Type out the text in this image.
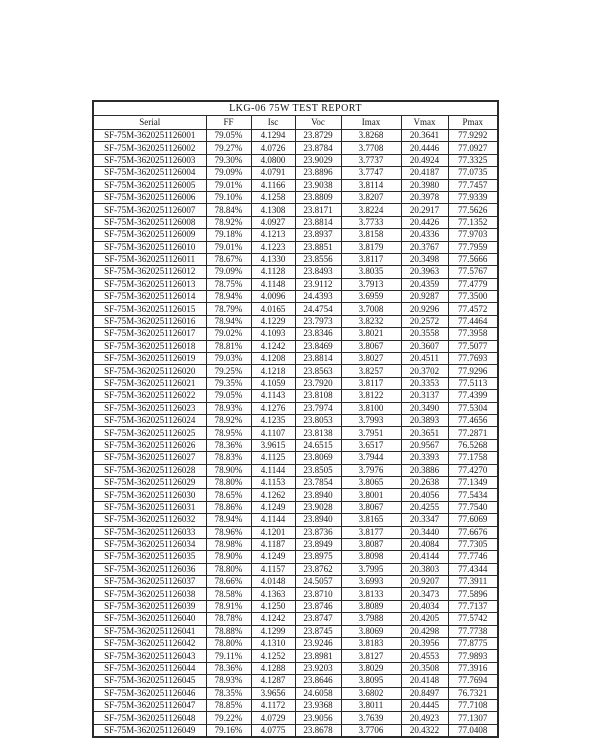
LKG-06 75W TEST REPORT						
Serial	FF	Isc	Voc	Imax	Vmax	Pmax
SF-75M-3620251126001	79.05%	4.1294	23.8729	3.8268	20.3641	77.9292
SF-75M-3620251126002	79.27%	4.0726	23.8784	3.7708	20.4446	77.0927
SF-75M-3620251126003	79.30%	4.0800	23.9029	3.7737	20.4924	77.3325
SF-75M-3620251126004	79.09%	4.0791	23.8896	3.7747	20.4187	77.0735
SF-75M-3620251126005	79.01%	4.1166	23.9038	3.8114	20.3980	77.7457
SF-75M-3620251126006	79.10%	4.1258	23.8809	3.8207	20.3978	77.9339
SF-75M-3620251126007	78.84%	4.1308	23.8171	3.8224	20.2917	77.5626
SF-75M-3620251126008	78.92%	4.0927	23.8814	3.7733	20.4426	77.1352
SF-75M-3620251126009	79.18%	4.1213	23.8937	3.8158	20.4336	77.9703
SF-75M-3620251126010	79.01%	4.1223	23.8851	3.8179	20.3767	77.7959
SF-75M-3620251126011	78.67%	4.1330	23.8556	3.8117	20.3498	77.5666
SF-75M-3620251126012	79.09%	4.1128	23.8493	3.8035	20.3963	77.5767
SF-75M-3620251126013	78.75%	4.1148	23.9112	3.7913	20.4359	77.4779
SF-75M-3620251126014	78.94%	4.0096	24.4393	3.6959	20.9287	77.3500
SF-75M-3620251126015	78.79%	4.0165	24.4754	3.7008	20.9296	77.4572
SF-75M-3620251126016	78.94%	4.1229	23.7973	3.8232	20.2572	77.4464
SF-75M-3620251126017	79.02%	4.1093	23.8346	3.8021	20.3558	77.3958
SF-75M-3620251126018	78.81%	4.1242	23.8469	3.8067	20.3607	77.5077
SF-75M-3620251126019	79.03%	4.1208	23.8814	3.8027	20.4511	77.7693
SF-75M-3620251126020	79.25%	4.1218	23.8563	3.8257	20.3702	77.9296
SF-75M-3620251126021	79.35%	4.1059	23.7920	3.8117	20.3353	77.5113
SF-75M-3620251126022	79.05%	4.1143	23.8108	3.8122	20.3137	77.4399
SF-75M-3620251126023	78.93%	4.1276	23.7974	3.8100	20.3490	77.5304
SF-75M-3620251126024	78.92%	4.1235	23.8053	3.7993	20.3893	77.4656
SF-75M-3620251126025	78.95%	4.1107	23.8138	3.7951	20.3651	77.2871
SF-75M-3620251126026	78.36%	3.9615	24.6515	3.6517	20.9567	76.5268
SF-75M-3620251126027	78.83%	4.1125	23.8069	3.7944	20.3393	77.1758
SF-75M-3620251126028	78.90%	4.1144	23.8505	3.7976	20.3886	77.4270
SF-75M-3620251126029	78.80%	4.1153	23.7854	3.8065	20.2638	77.1349
SF-75M-3620251126030	78.65%	4.1262	23.8940	3.8001	20.4056	77.5434
SF-75M-3620251126031	78.86%	4.1249	23.9028	3.8067	20.4255	77.7540
SF-75M-3620251126032	78.94%	4.1144	23.8940	3.8165	20.3347	77.6069
SF-75M-3620251126033	78.96%	4.1201	23.8736	3.8177	20.3440	77.6676
SF-75M-3620251126034	78.98%	4.1187	23.8949	3.8087	20.4084	77.7305
SF-75M-3620251126035	78.90%	4.1249	23.8975	3.8098	20.4144	77.7746
SF-75M-3620251126036	78.80%	4.1157	23.8762	3.7995	20.3803	77.4344
SF-75M-3620251126037	78.66%	4.0148	24.5057	3.6993	20.9207	77.3911
SF-75M-3620251126038	78.58%	4.1363	23.8710	3.8133	20.3473	77.5896
SF-75M-3620251126039	78.91%	4.1250	23.8746	3.8089	20.4034	77.7137
SF-75M-3620251126040	78.78%	4.1242	23.8747	3.7988	20.4205	77.5742
SF-75M-3620251126041	78.88%	4.1299	23.8745	3.8069	20.4298	77.7738
SF-75M-3620251126042	78.80%	4.1310	23.9246	3.8183	20.3956	77.8775
SF-75M-3620251126043	79.11%	4.1252	23.8981	3.8127	20.4553	77.9893
SF-75M-3620251126044	78.36%	4.1288	23.9203	3.8029	20.3508	77.3916
SF-75M-3620251126045	78.93%	4.1287	23.8646	3.8095	20.4148	77.7694
SF-75M-3620251126046	78.35%	3.9656	24.6058	3.6802	20.8497	76.7321
SF-75M-3620251126047	78.85%	4.1172	23.9368	3.8011	20.4445	77.7108
SF-75M-3620251126048	79.22%	4.0729	23.9056	3.7639	20.4923	77.1307
SF-75M-3620251126049	79.16%	4.0775	23.8678	3.7706	20.4322	77.0408
